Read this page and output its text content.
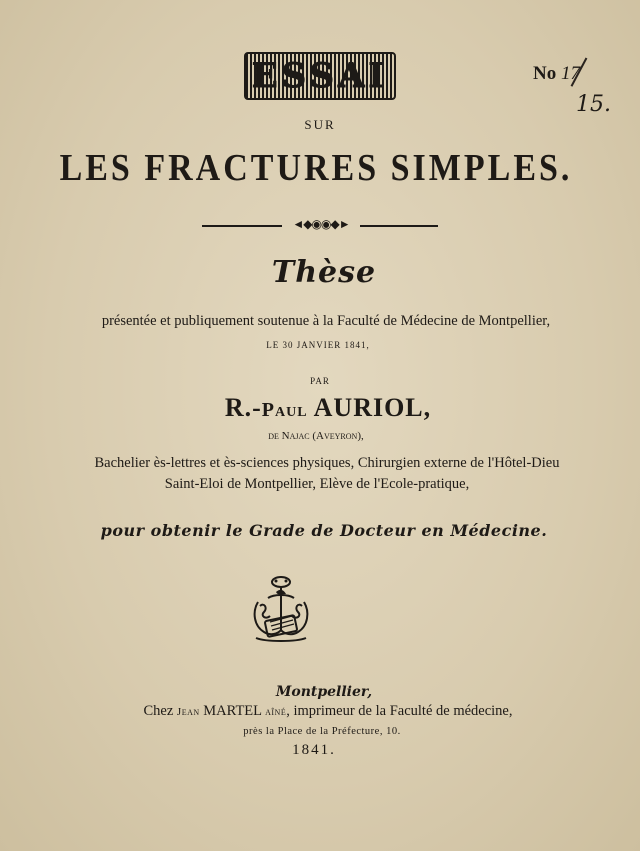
ESSAI	No 17
15.
SUR
LES FRACTURES SIMPLES.
◄◆◉◉◆►
Thèse
présentée et publiquement soutenue à la Faculté de Médecine de Montpellier,
LE 30 JANVIER 1841,
PAR
R.-Paul AURIOL,
de Najac (Aveyron),
Bachelier ès-lettres et ès-sciences physiques, Chirurgien externe de l'Hôtel-Dieu
Saint-Eloi de Montpellier, Elève de l'Ecole-pratique,
pour obtenir le Grade de Docteur en Médecine.
Montpellier,
Chez Jean MARTEL aîné, imprimeur de la Faculté de médecine,
près la Place de la Préfecture, 10.
1841.
